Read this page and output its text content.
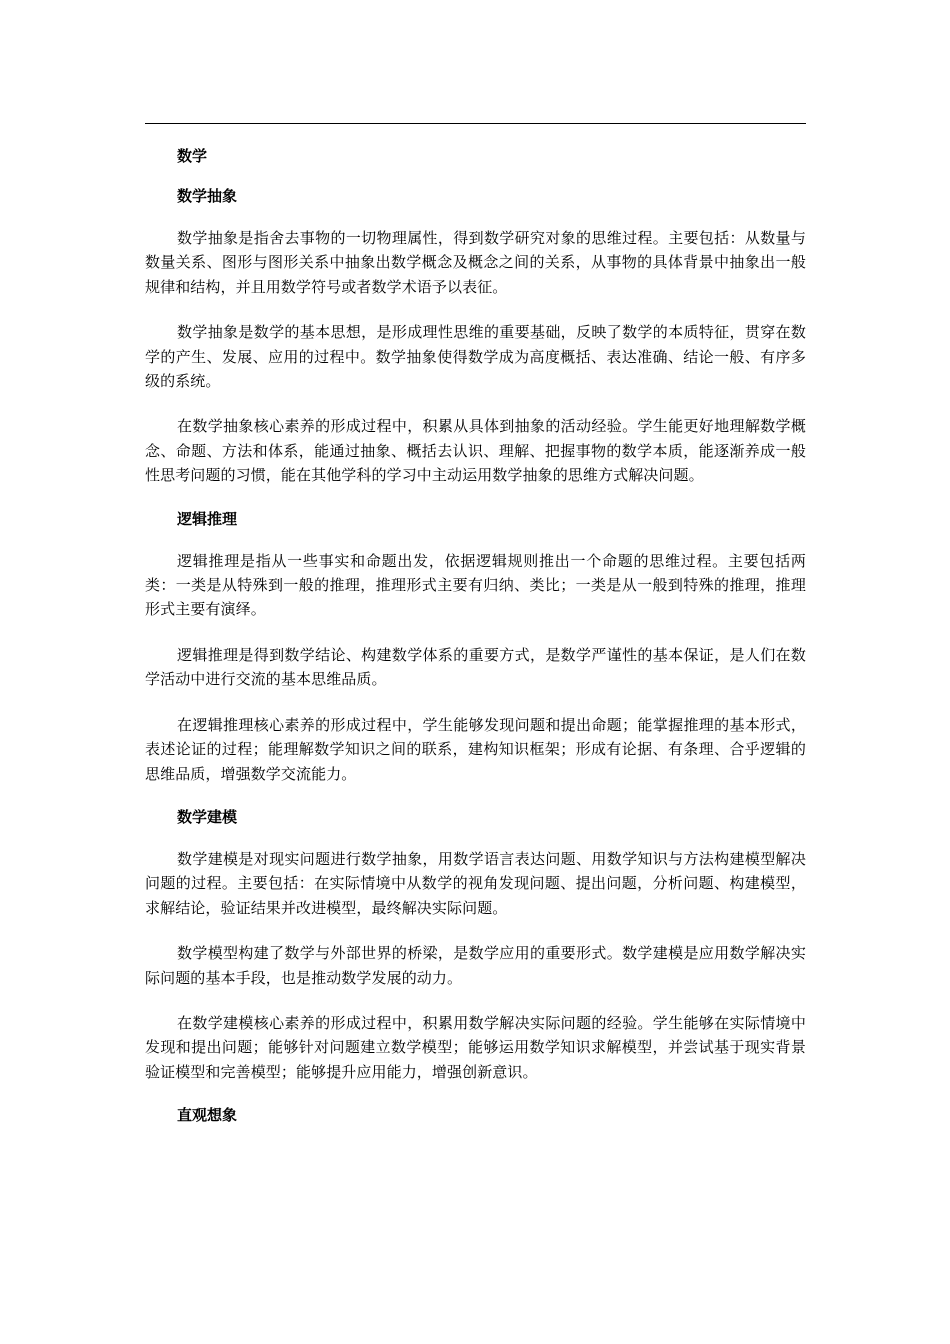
数学
数学抽象
数学抽象是指舍去事物的一切物理属性，得到数学研究对象的思维过程。主要包括：从数量与数量关系、图形与图形关系中抽象出数学概念及概念之间的关系，从事物的具体背景中抽象出一般规律和结构，并且用数学符号或者数学术语予以表征。
数学抽象是数学的基本思想，是形成理性思维的重要基础，反映了数学的本质特征，贯穿在数学的产生、发展、应用的过程中。数学抽象使得数学成为高度概括、表达准确、结论一般、有序多级的系统。
在数学抽象核心素养的形成过程中，积累从具体到抽象的活动经验。学生能更好地理解数学概念、命题、方法和体系，能通过抽象、概括去认识、理解、把握事物的数学本质，能逐渐养成一般性思考问题的习惯，能在其他学科的学习中主动运用数学抽象的思维方式解决问题。
逻辑推理
逻辑推理是指从一些事实和命题出发，依据逻辑规则推出一个命题的思维过程。主要包括两类：一类是从特殊到一般的推理，推理形式主要有归纳、类比；一类是从一般到特殊的推理，推理形式主要有演绎。
逻辑推理是得到数学结论、构建数学体系的重要方式，是数学严谨性的基本保证，是人们在数学活动中进行交流的基本思维品质。
在逻辑推理核心素养的形成过程中，学生能够发现问题和提出命题；能掌握推理的基本形式，表述论证的过程；能理解数学知识之间的联系，建构知识框架；形成有论据、有条理、合乎逻辑的思维品质，增强数学交流能力。
数学建模
数学建模是对现实问题进行数学抽象，用数学语言表达问题、用数学知识与方法构建模型解决问题的过程。主要包括：在实际情境中从数学的视角发现问题、提出问题，分析问题、构建模型，求解结论，验证结果并改进模型，最终解决实际问题。
数学模型构建了数学与外部世界的桥梁，是数学应用的重要形式。数学建模是应用数学解决实际问题的基本手段，也是推动数学发展的动力。
在数学建模核心素养的形成过程中，积累用数学解决实际问题的经验。学生能够在实际情境中发现和提出问题；能够针对问题建立数学模型；能够运用数学知识求解模型，并尝试基于现实背景验证模型和完善模型；能够提升应用能力，增强创新意识。
直观想象
